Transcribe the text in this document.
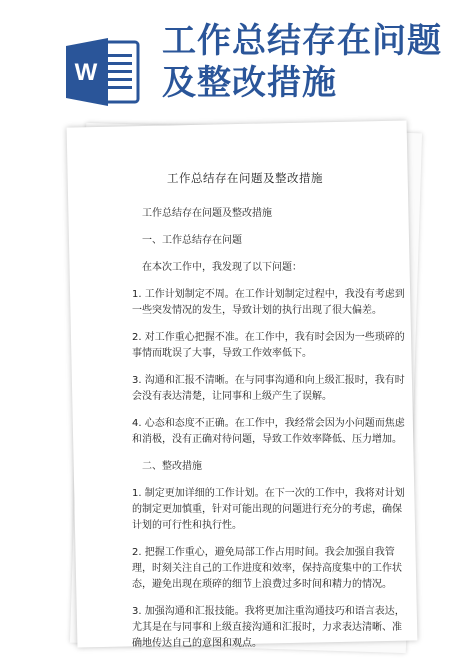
W
工作总结存在问题
及整改措施
工作总结存在问题及整改措施

工作总结存在问题及整改措施

一、工作总结存在问题

在本次工作中，我发现了以下问题：

1. 工作计划制定不周。在工作计划制定过程中，我没有考虑到一些突发情况的发生，导致计划的执行出现了很大偏差。

2. 对工作重心把握不准。在工作中，我有时会因为一些琐碎的事情而耽误了大事，导致工作效率低下。

3. 沟通和汇报不清晰。在与同事沟通和向上级汇报时，我有时会没有表达清楚，让同事和上级产生了误解。

4. 心态和态度不正确。在工作中，我经常会因为小问题而焦虑和消极，没有正确对待问题，导致工作效率降低、压力增加。

二、整改措施

1. 制定更加详细的工作计划。在下一次的工作中，我将对计划的制定更加慎重，针对可能出现的问题进行充分的考虑，确保计划的可行性和执行性。

2. 把握工作重心，避免局部工作占用时间。我会加强自我管理，时刻关注自己的工作进度和效率，保持高度集中的工作状态，避免出现在琐碎的细节上浪费过多时间和精力的情况。

3. 加强沟通和汇报技能。我将更加注重沟通技巧和语言表达，尤其是在与同事和上级直接沟通和汇报时，力求表达清晰、准确地传达自己的意图和观点。
